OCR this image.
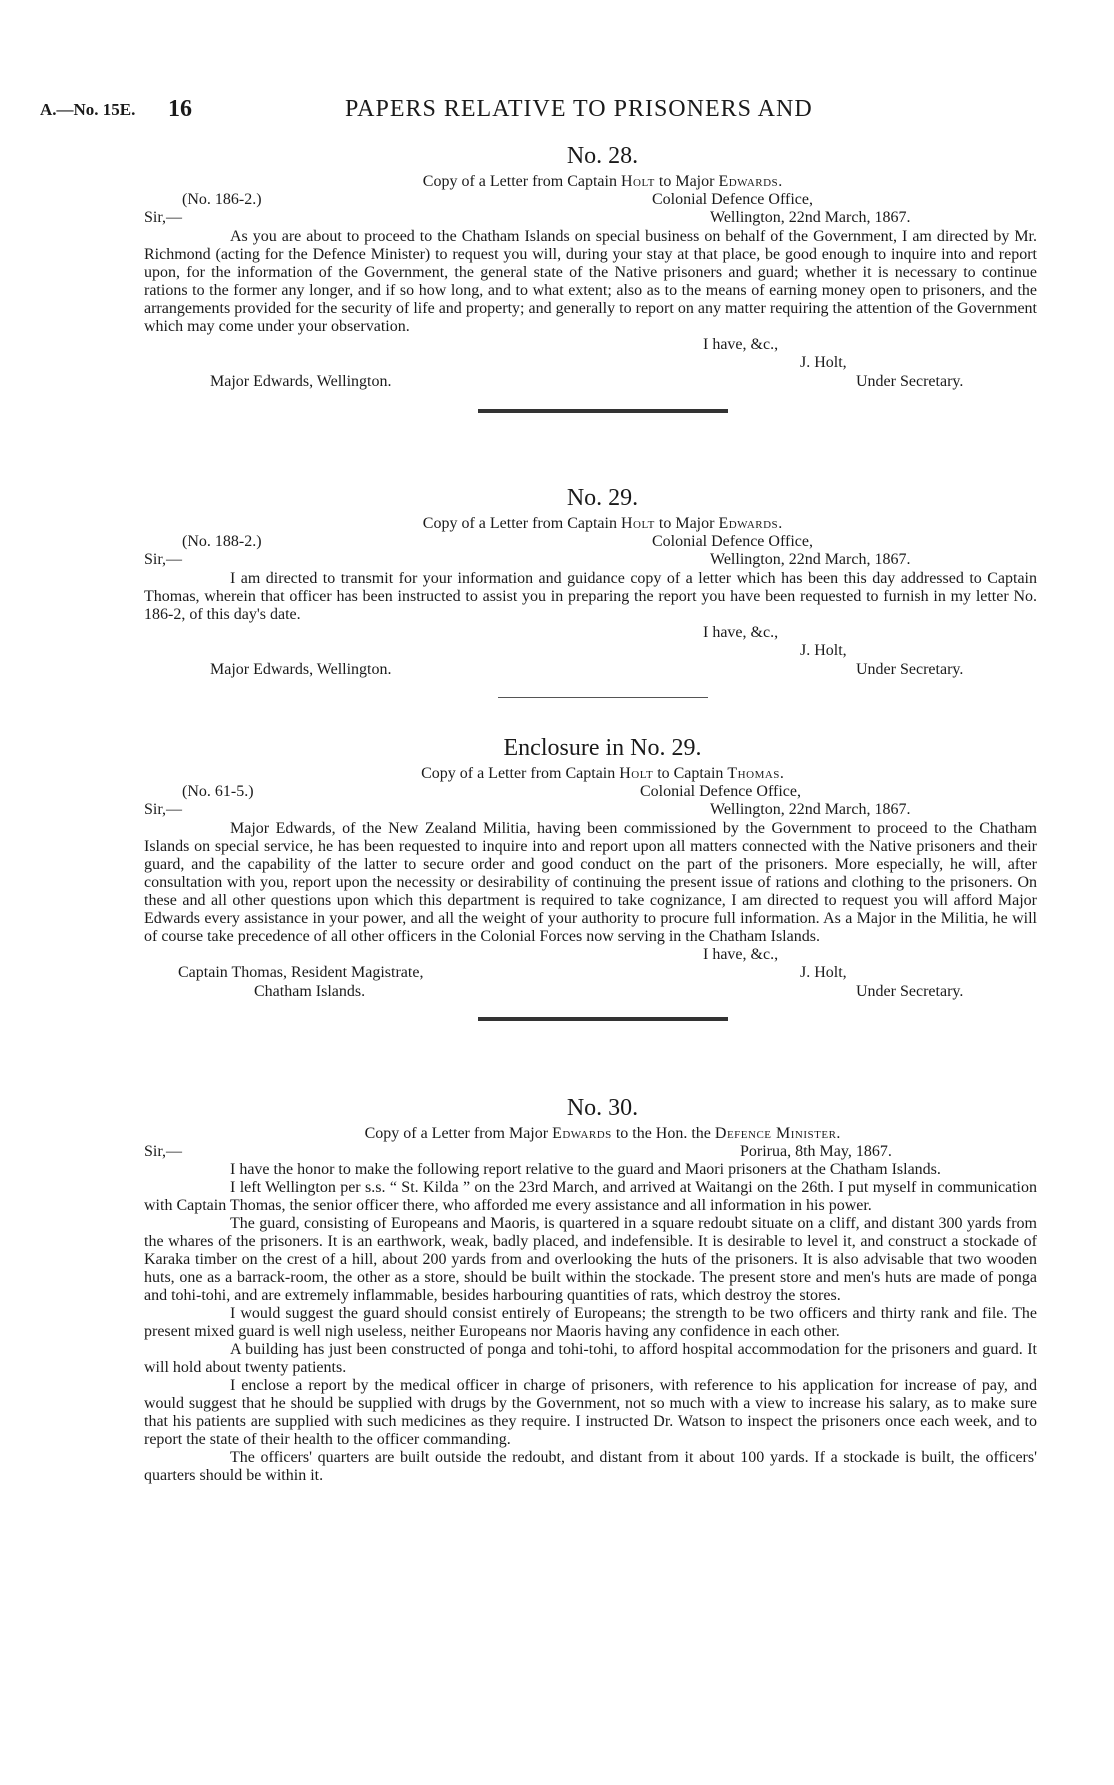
A.—No. 15E. 16	PAPERS RELATIVE TO PRISONERS AND
No. 28.

Copy of a Letter from Captain Holt to Major Edwards.

(No. 186-2.)	Colonial Defence Office,
Sir,—	Wellington, 22nd March, 1867.

As you are about to proceed to the Chatham Islands on special business on behalf of the Government, I am directed by Mr. Richmond (acting for the Defence Minister) to request you will, during your stay at that place, be good enough to inquire into and report upon, for the information of the Government, the general state of the Native prisoners and guard; whether it is necessary to continue rations to the former any longer, and if so how long, and to what extent; also as to the means of earning money open to prisoners, and the arrangements provided for the security of life and property; and generally to report on any matter requiring the attention of the Government which may come under your observation.

I have, &c.,
J. Holt,
Major Edwards, Wellington.	Under Secretary.
No. 29.

Copy of a Letter from Captain Holt to Major Edwards.

(No. 188-2.)	Colonial Defence Office,
Sir,—	Wellington, 22nd March, 1867.

I am directed to transmit for your information and guidance copy of a letter which has been this day addressed to Captain Thomas, wherein that officer has been instructed to assist you in preparing the report you have been requested to furnish in my letter No. 186-2, of this day's date.

I have, &c.,
J. Holt,
Major Edwards, Wellington.	Under Secretary.
Enclosure in No. 29.

Copy of a Letter from Captain Holt to Captain Thomas.

(No. 61-5.)	Colonial Defence Office,
Sir,—	Wellington, 22nd March, 1867.

Major Edwards, of the New Zealand Militia, having been commissioned by the Government to proceed to the Chatham Islands on special service, he has been requested to inquire into and report upon all matters connected with the Native prisoners and their guard, and the capability of the latter to secure order and good conduct on the part of the prisoners. More especially, he will, after consultation with you, report upon the necessity or desirability of continuing the present issue of rations and clothing to the prisoners. On these and all other questions upon which this department is required to take cognizance, I am directed to request you will afford Major Edwards every assistance in your power, and all the weight of your authority to procure full information. As a Major in the Militia, he will of course take precedence of all other officers in the Colonial Forces now serving in the Chatham Islands.

I have, &c.,
Captain Thomas, Resident Magistrate,	J. Holt,
Chatham Islands.	Under Secretary.
No. 30.

Copy of a Letter from Major Edwards to the Hon. the Defence Minister.

Sir,—	Porirua, 8th May, 1867.

I have the honor to make the following report relative to the guard and Maori prisoners at the Chatham Islands.

I left Wellington per s.s. “ St. Kilda ” on the 23rd March, and arrived at Waitangi on the 26th. I put myself in communication with Captain Thomas, the senior officer there, who afforded me every assistance and all information in his power.

The guard, consisting of Europeans and Maoris, is quartered in a square redoubt situate on a cliff, and distant 300 yards from the whares of the prisoners. It is an earthwork, weak, badly placed, and indefensible. It is desirable to level it, and construct a stockade of Karaka timber on the crest of a hill, about 200 yards from and overlooking the huts of the prisoners. It is also advisable that two wooden huts, one as a barrack-room, the other as a store, should be built within the stockade. The present store and men's huts are made of ponga and tohi-tohi, and are extremely inflammable, besides harbouring quantities of rats, which destroy the stores.

I would suggest the guard should consist entirely of Europeans; the strength to be two officers and thirty rank and file. The present mixed guard is well nigh useless, neither Europeans nor Maoris having any confidence in each other.

A building has just been constructed of ponga and tohi-tohi, to afford hospital accommodation for the prisoners and guard. It will hold about twenty patients.

I enclose a report by the medical officer in charge of prisoners, with reference to his application for increase of pay, and would suggest that he should be supplied with drugs by the Government, not so much with a view to increase his salary, as to make sure that his patients are supplied with such medicines as they require. I instructed Dr. Watson to inspect the prisoners once each week, and to report the state of their health to the officer commanding.

The officers' quarters are built outside the redoubt, and distant from it about 100 yards. If a stockade is built, the officers' quarters should be within it.
